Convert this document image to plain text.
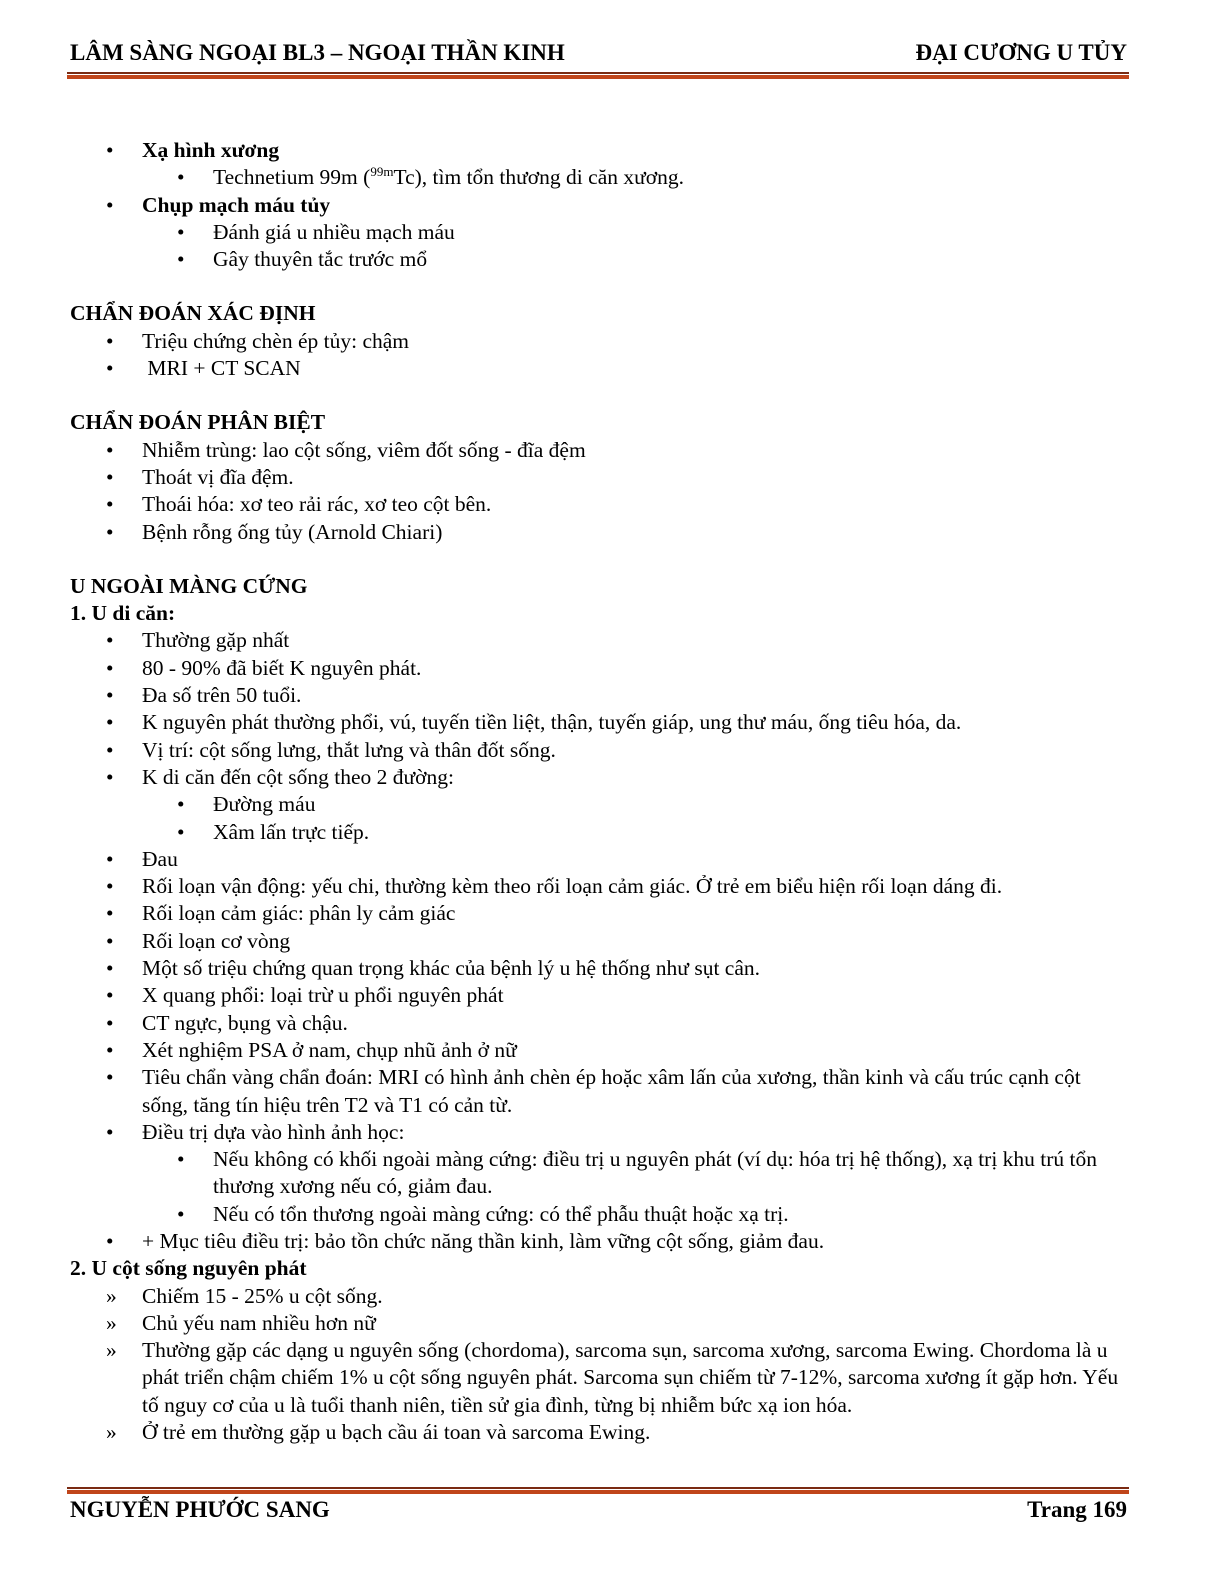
LÂM SÀNG NGOẠI BL3 – NGOẠI THẦN KINH	ĐẠI CƯƠNG U TỦY
• Xạ hình xương
• Technetium 99m ($^{99m}$Tc), tìm tổn thương di căn xương.
• Chụp mạch máu tủy
• Đánh giá u nhiều mạch máu
• Gây thuyên tắc trước mổ
CHẨN ĐOÁN XÁC ĐỊNH
• Triệu chứng chèn ép tủy: chậm
• MRI + CT SCAN
CHẨN ĐOÁN PHÂN BIỆT
• Nhiễm trùng: lao cột sống, viêm đốt sống - đĩa đệm
• Thoát vị đĩa đệm.
• Thoái hóa: xơ teo rải rác, xơ teo cột bên.
• Bệnh rỗng ống tủy (Arnold Chiari)
U NGOÀI MÀNG CỨNG
1. U di căn:
• Thường gặp nhất
• 80 - 90% đã biết K nguyên phát.
• Đa số trên 50 tuổi.
• K nguyên phát thường phổi, vú, tuyến tiền liệt, thận, tuyến giáp, ung thư máu, ống tiêu hóa, da.
• Vị trí: cột sống lưng, thắt lưng và thân đốt sống.
• K di căn đến cột sống theo 2 đường:
• Đường máu
• Xâm lấn trực tiếp.
• Đau
• Rối loạn vận động: yếu chi, thường kèm theo rối loạn cảm giác. Ở trẻ em biểu hiện rối loạn dáng đi.
• Rối loạn cảm giác: phân ly cảm giác
• Rối loạn cơ vòng
• Một số triệu chứng quan trọng khác của bệnh lý u hệ thống như sụt cân.
• X quang phổi: loại trừ u phổi nguyên phát
• CT ngực, bụng và chậu.
• Xét nghiệm PSA ở nam, chụp nhũ ảnh ở nữ
• Tiêu chẩn vàng chẩn đoán: MRI có hình ảnh chèn ép hoặc xâm lấn của xương, thần kinh và cấu trúc cạnh cột sống, tăng tín hiệu trên T2 và T1 có cản từ.
• Điều trị dựa vào hình ảnh học:
• Nếu không có khối ngoài màng cứng: điều trị u nguyên phát (ví dụ: hóa trị hệ thống), xạ trị khu trú tổn thương xương nếu có, giảm đau.
• Nếu có tổn thương ngoài màng cứng: có thể phẫu thuật hoặc xạ trị.
• + Mục tiêu điều trị: bảo tồn chức năng thần kinh, làm vững cột sống, giảm đau.
2. U cột sống nguyên phát
» Chiếm 15 - 25% u cột sống.
» Chủ yếu nam nhiều hơn nữ
» Thường gặp các dạng u nguyên sống (chordoma), sarcoma sụn, sarcoma xương, sarcoma Ewing. Chordoma là u phát triển chậm chiếm 1% u cột sống nguyên phát. Sarcoma sụn chiếm từ 7-12%, sarcoma xương ít gặp hơn. Yếu tố nguy cơ của u là tuổi thanh niên, tiền sử gia đình, từng bị nhiễm bức xạ ion hóa.
» Ở trẻ em thường gặp u bạch cầu ái toan và sarcoma Ewing.
NGUYỄN PHƯỚC SANG	Trang 169
